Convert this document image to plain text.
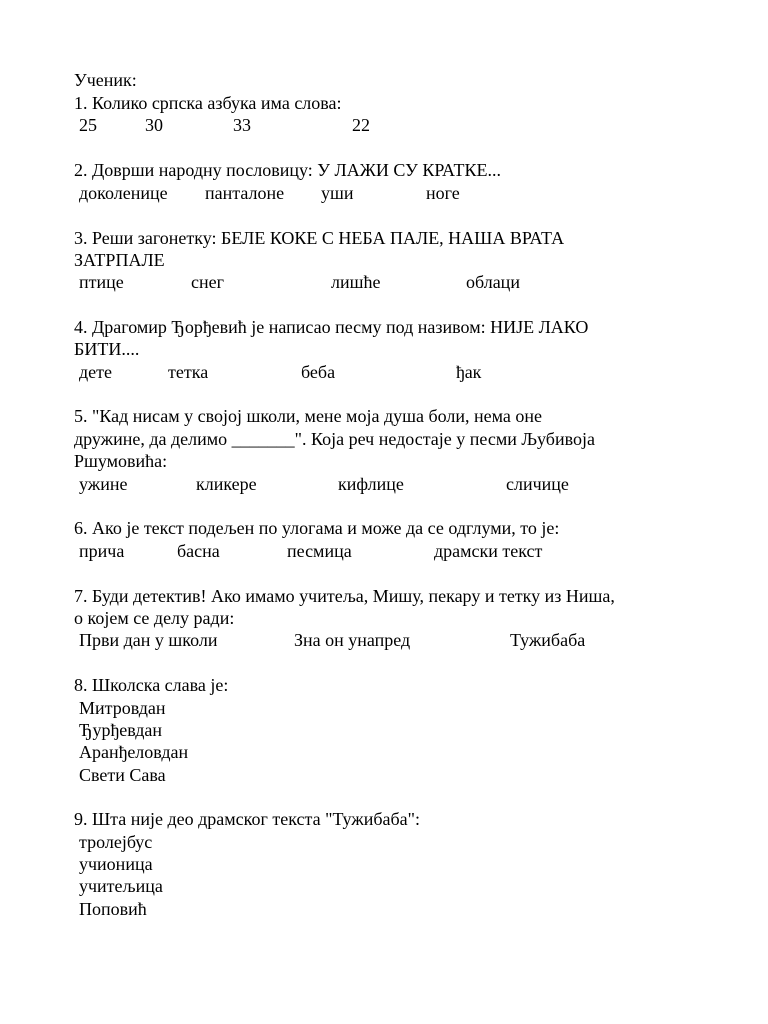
Ученик:
1. Колико српска азбука има слова:
25	30	33	22
2. Доврши народну пословицу: У ЛАЖИ СУ КРАТКЕ...
доколенице панталоне уши	ноге
3. Реши загонетку: БЕЛЕ КОКЕ С НЕБА ПАЛЕ, НАША ВРАТА
ЗАТРПАЛЕ
птице	снег	лишће	облаци
4. Драгомир Ђорђевић је написао песму под називом: НИЈЕ ЛАКО
БИТИ....
дете	тетка	беба	ђак
5. "Кад нисам у својој школи, мене моја душа боли, нема оне
дружине, да делимо _______". Која реч недостаје у песми Љубивоја
Ршумовића:
ужине	кликере	кифлице	сличице
6. Ако је текст подељен по улогама и може да се одглуми, то је:
прича	басна	песмица	драмски текст
7. Буди детектив! Ако имамо учитеља, Мишу, пекару и тетку из Ниша,
о којем се делу ради:
Први дан у школи	Зна он унапред	Тужибаба
8. Школска слава је:
Митровдан
Ђурђевдан
Аранђеловдан
Свети Сава
9. Шта није део драмског текста "Тужибаба":
тролејбус
учионица
учитељица
Поповић
